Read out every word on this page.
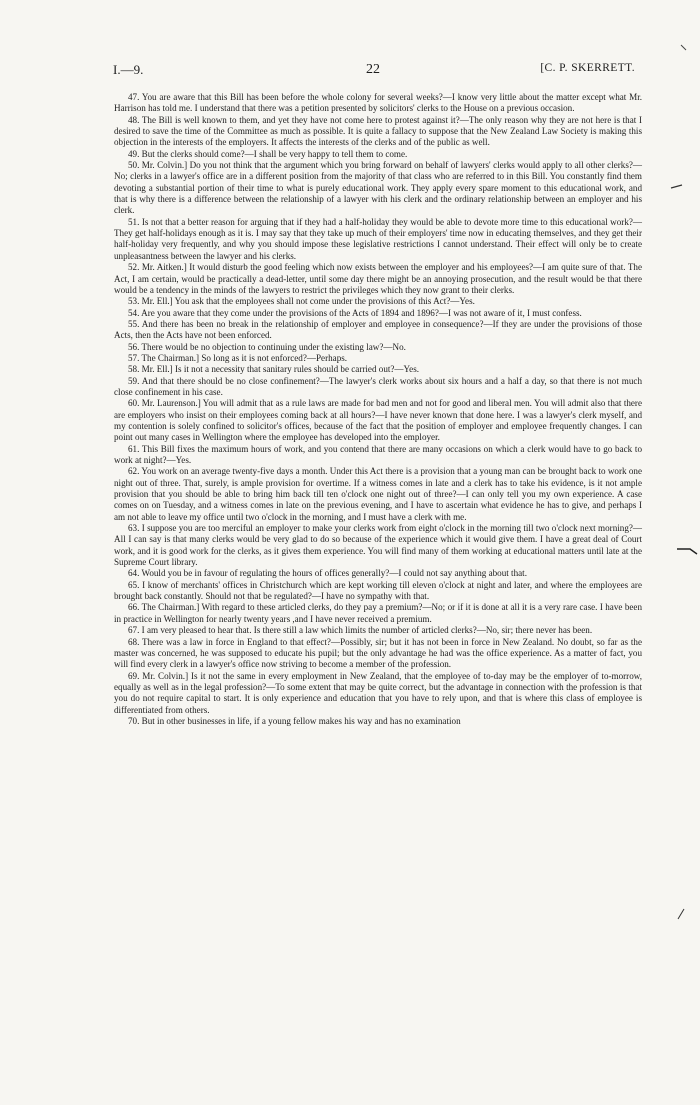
I.—9.	22	[C. P. SKERRETT.

47. You are aware that this Bill has been before the whole colony for several weeks?—I know very little about the matter except what Mr. Harrison has told me. I understand that there was a petition presented by solicitors' clerks to the House on a previous occasion.

48. The Bill is well known to them, and yet they have not come here to protest against it?—The only reason why they are not here is that I desired to save the time of the Committee as much as possible. It is quite a fallacy to suppose that the New Zealand Law Society is making this objection in the interests of the employers. It affects the interests of the clerks and of the public as well.

49. But the clerks should come?—I shall be very happy to tell them to come.

50. Mr. Colvin.] Do you not think that the argument which you bring forward on behalf of lawyers' clerks would apply to all other clerks?—No; clerks in a lawyer's office are in a different position from the majority of that class who are referred to in this Bill. You constantly find them devoting a substantial portion of their time to what is purely educational work. They apply every spare moment to this educational work, and that is why there is a difference between the relationship of a lawyer with his clerk and the ordinary relationship between an employer and his clerk.

51. Is not that a better reason for arguing that if they had a half-holiday they would be able to devote more time to this educational work?—They get half-holidays enough as it is. I may say that they take up much of their employers' time now in educating themselves, and they get their half-holiday very frequently, and why you should impose these legislative restrictions I cannot understand. Their effect will only be to create unpleasantness between the lawyer and his clerks.

52. Mr. Aitken.] It would disturb the good feeling which now exists between the employer and his employees?—I am quite sure of that. The Act, I am certain, would be practically a dead-letter, until some day there might be an annoying prosecution, and the result would be that there would be a tendency in the minds of the lawyers to restrict the privileges which they now grant to their clerks.

53. Mr. Ell.] You ask that the employees shall not come under the provisions of this Act?—Yes.

54. Are you aware that they come under the provisions of the Acts of 1894 and 1896?—I was not aware of it, I must confess.

55. And there has been no break in the relationship of employer and employee in consequence?—If they are under the provisions of those Acts, then the Acts have not been enforced.

56. There would be no objection to continuing under the existing law?—No.

57. The Chairman.] So long as it is not enforced?—Perhaps.

58. Mr. Ell.] Is it not a necessity that sanitary rules should be carried out?—Yes.

59. And that there should be no close confinement?—The lawyer's clerk works about six hours and a half a day, so that there is not much close confinement in his case.

60. Mr. Laurenson.] You will admit that as a rule laws are made for bad men and not for good and liberal men. You will admit also that there are employers who insist on their employees coming back at all hours?—I have never known that done here. I was a lawyer's clerk myself, and my contention is solely confined to solicitor's offices, because of the fact that the position of employer and employee frequently changes. I can point out many cases in Wellington where the employee has developed into the employer.

61. This Bill fixes the maximum hours of work, and you contend that there are many occasions on which a clerk would have to go back to work at night?—Yes.

62. You work on an average twenty-five days a month. Under this Act there is a provision that a young man can be brought back to work one night out of three. That, surely, is ample provision for overtime. If a witness comes in late and a clerk has to take his evidence, is it not ample provision that you should be able to bring him back till ten o'clock one night out of three?—I can only tell you my own experience. A case comes on on Tuesday, and a witness comes in late on the previous evening, and I have to ascertain what evidence he has to give, and perhaps I am not able to leave my office until two o'clock in the morning, and I must have a clerk with me.

63. I suppose you are too merciful an employer to make your clerks work from eight o'clock in the morning till two o'clock next morning?—All I can say is that many clerks would be very glad to do so because of the experience which it would give them. I have a great deal of Court work, and it is good work for the clerks, as it gives them experience. You will find many of them working at educational matters until late at the Supreme Court library.

64. Would you be in favour of regulating the hours of offices generally?—I could not say anything about that.

65. I know of merchants' offices in Christchurch which are kept working till eleven o'clock at night and later, and where the employees are brought back constantly. Should not that be regulated?—I have no sympathy with that.

66. The Chairman.] With regard to these articled clerks, do they pay a premium?—No; or if it is done at all it is a very rare case. I have been in practice in Wellington for nearly twenty years ,and I have never received a premium.

67. I am very pleased to hear that. Is there still a law which limits the number of articled clerks?—No, sir; there never has been.

68. There was a law in force in England to that effect?—Possibly, sir; but it has not been in force in New Zealand. No doubt, so far as the master was concerned, he was supposed to educate his pupil; but the only advantage he had was the office experience. As a matter of fact, you will find every clerk in a lawyer's office now striving to become a member of the profession.

69. Mr. Colvin.] Is it not the same in every employment in New Zealand, that the employee of to-day may be the employer of to-morrow, equally as well as in the legal profession?—To some extent that may be quite correct, but the advantage in connection with the profession is that you do not require capital to start. It is only experience and education that you have to rely upon, and that is where this class of employee is differentiated from others.

70. But in other businesses in life, if a young fellow makes his way and has no examination
